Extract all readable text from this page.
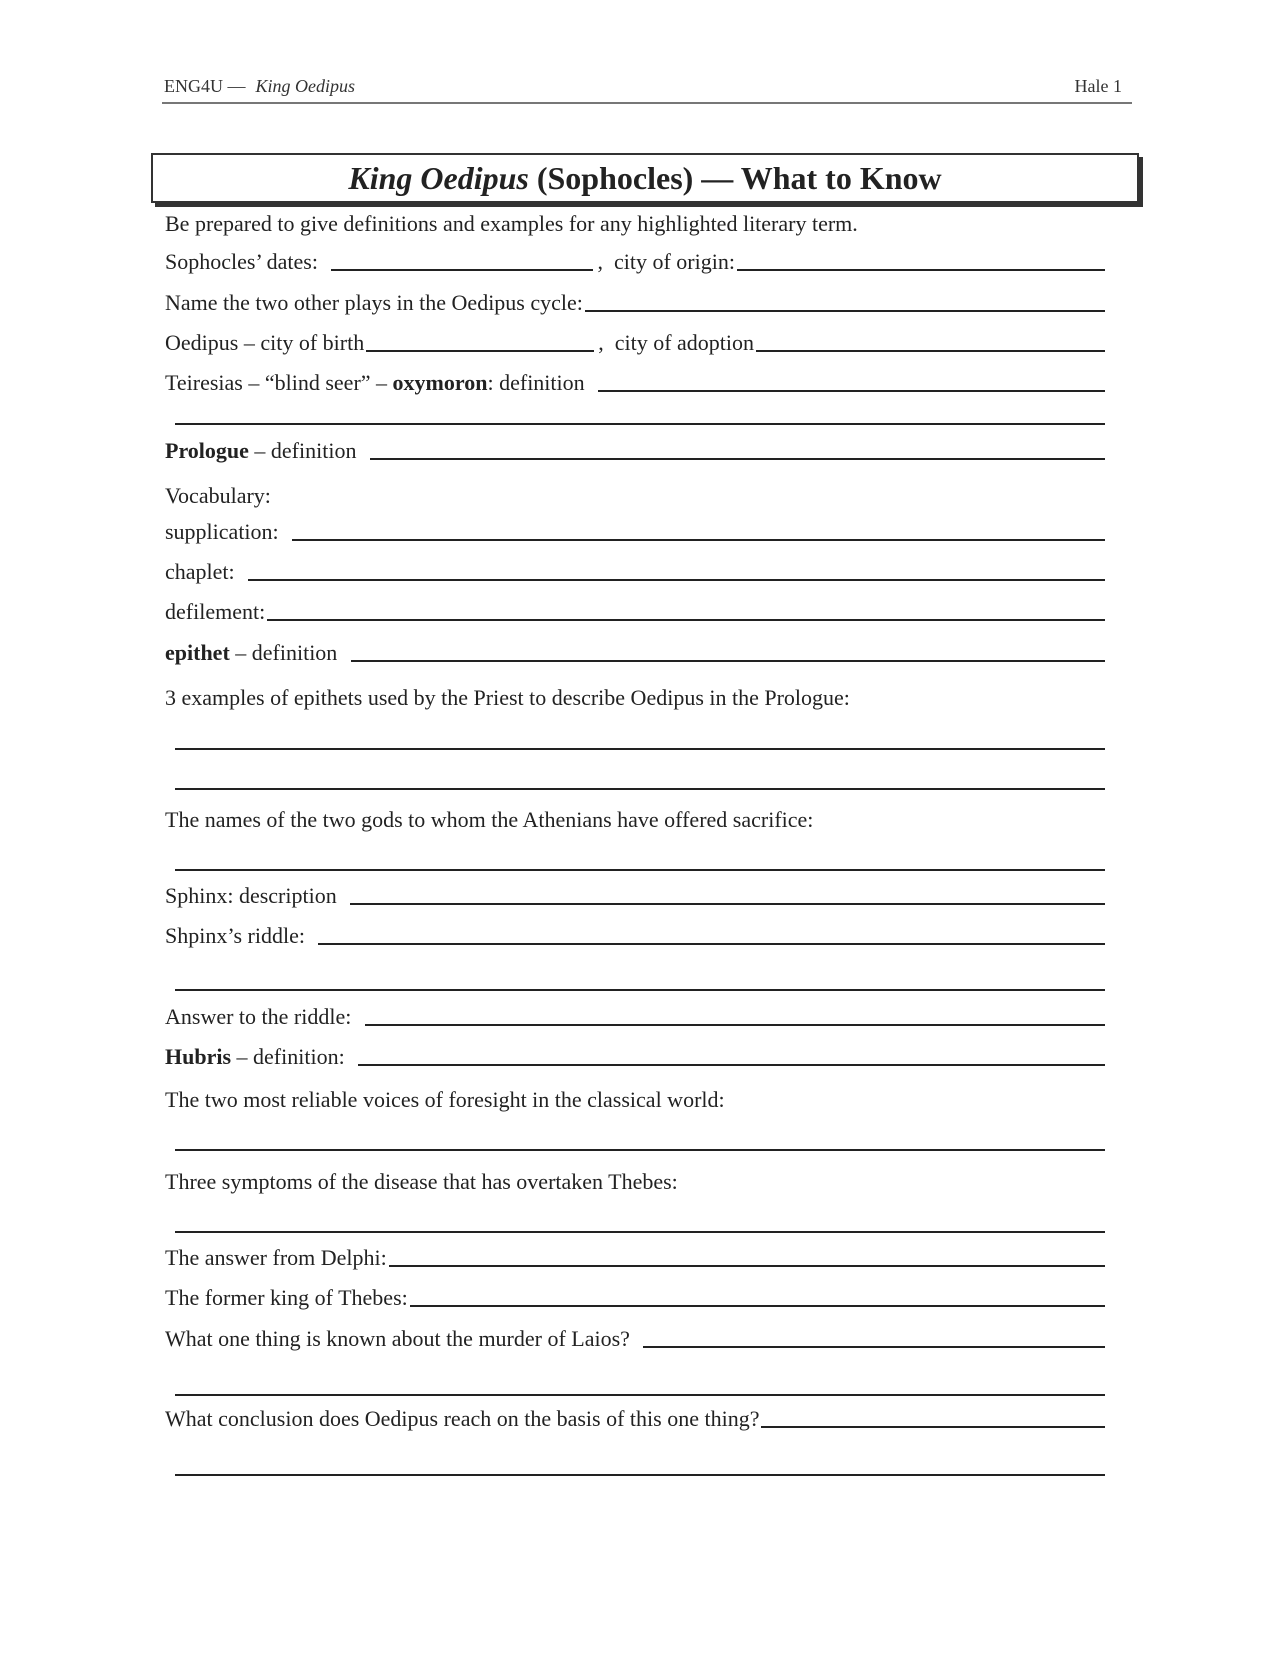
ENG4U — King Oedipus	Hale 1
King Oedipus (Sophocles) — What to Know
Be prepared to give definitions and examples for any highlighted literary term.
Sophocles’ dates:	, city of origin:
Name the two other plays in the Oedipus cycle:
Oedipus – city of birth	, city of adoption
Teiresias – “blind seer” – oxymoron: definition
Prologue – definition
Vocabulary:
supplication:
chaplet:
defilement:
epithet – definition
3 examples of epithets used by the Priest to describe Oedipus in the Prologue:
The names of the two gods to whom the Athenians have offered sacrifice:
Sphinx: description
Shpinx’s riddle:
Answer to the riddle:
Hubris – definition:
The two most reliable voices of foresight in the classical world:
Three symptoms of the disease that has overtaken Thebes:
The answer from Delphi:
The former king of Thebes:
What one thing is known about the murder of Laios?
What conclusion does Oedipus reach on the basis of this one thing?
